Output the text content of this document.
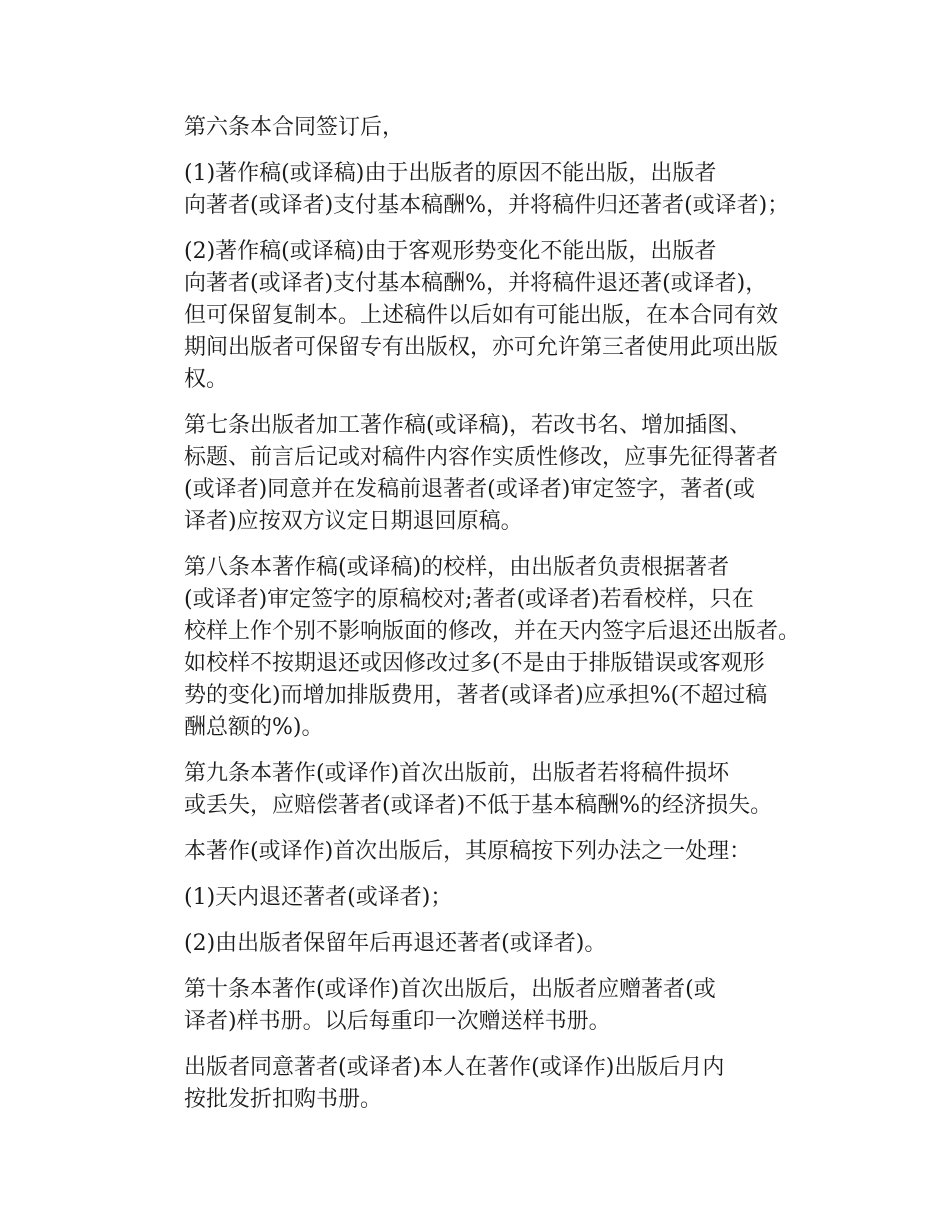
第六条本合同签订后，

(1)著作稿(或译稿)由于出版者的原因不能出版，出版者
向著者(或译者)支付基本稿酬%，并将稿件归还著者(或译者)；

(2)著作稿(或译稿)由于客观形势变化不能出版，出版者
向著者(或译者)支付基本稿酬%，并将稿件退还著(或译者)，
但可保留复制本。上述稿件以后如有可能出版，在本合同有效
期间出版者可保留专有出版权，亦可允许第三者使用此项出版
权。

第七条出版者加工著作稿(或译稿)，若改书名、增加插图、
标题、前言后记或对稿件内容作实质性修改，应事先征得著者
(或译者)同意并在发稿前退著者(或译者)审定签字，著者(或
译者)应按双方议定日期退回原稿。

第八条本著作稿(或译稿)的校样，由出版者负责根据著者
(或译者)审定签字的原稿校对;著者(或译者)若看校样，只在
校样上作个别不影响版面的修改，并在天内签字后退还出版者。
如校样不按期退还或因修改过多(不是由于排版错误或客观形
势的变化)而增加排版费用，著者(或译者)应承担%(不超过稿
酬总额的%)。

第九条本著作(或译作)首次出版前，出版者若将稿件损坏
或丢失，应赔偿著者(或译者)不低于基本稿酬%的经济损失。

本著作(或译作)首次出版后，其原稿按下列办法之一处理：

(1)天内退还著者(或译者)；

(2)由出版者保留年后再退还著者(或译者)。

第十条本著作(或译作)首次出版后，出版者应赠著者(或
译者)样书册。以后每重印一次赠送样书册。

出版者同意著者(或译者)本人在著作(或译作)出版后月内
按批发折扣购书册。
